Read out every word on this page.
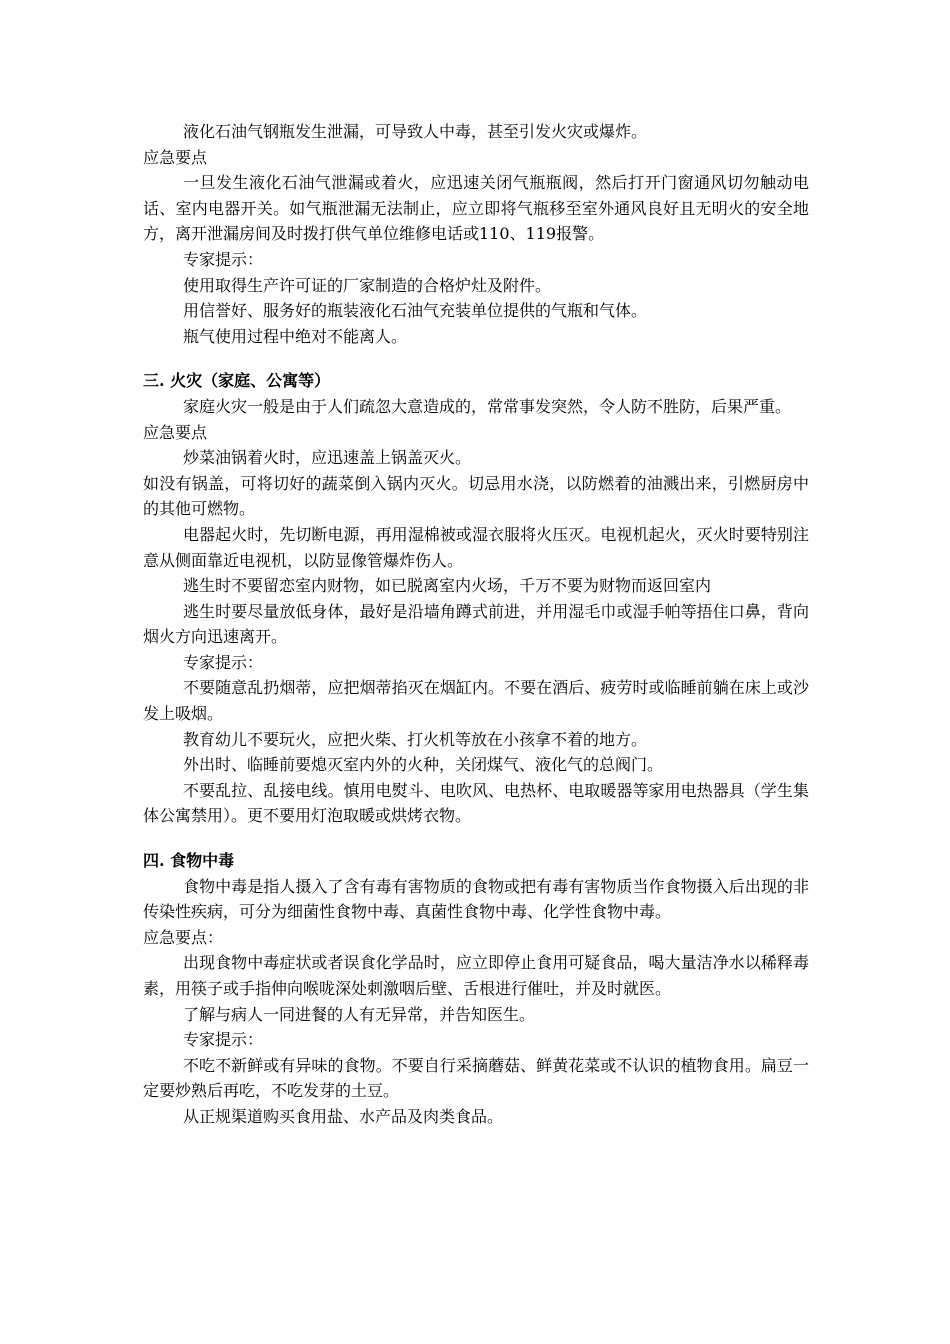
液化石油气钢瓶发生泄漏，可导致人中毒，甚至引发火灾或爆炸。

应急要点

一旦发生液化石油气泄漏或着火，应迅速关闭气瓶瓶阀，然后打开门窗通风切勿触动电话、室内电器开关。如气瓶泄漏无法制止，应立即将气瓶移至室外通风良好且无明火的安全地方，离开泄漏房间及时拨打供气单位维修电话或110、119报警。

专家提示：

使用取得生产许可证的厂家制造的合格炉灶及附件。

用信誉好、服务好的瓶装液化石油气充装单位提供的气瓶和气体。

瓶气使用过程中绝对不能离人。

三. 火灾（家庭、公寓等）

家庭火灾一般是由于人们疏忽大意造成的，常常事发突然，令人防不胜防，后果严重。

应急要点

炒菜油锅着火时，应迅速盖上锅盖灭火。

如没有锅盖，可将切好的蔬菜倒入锅内灭火。切忌用水浇，以防燃着的油溅出来，引燃厨房中的其他可燃物。

电器起火时，先切断电源，再用湿棉被或湿衣服将火压灭。电视机起火，灭火时要特别注意从侧面靠近电视机，以防显像管爆炸伤人。

逃生时不要留恋室内财物，如已脱离室内火场，千万不要为财物而返回室内

逃生时要尽量放低身体，最好是沿墙角蹲式前进，并用湿毛巾或湿手帕等捂住口鼻，背向烟火方向迅速离开。

专家提示：

不要随意乱扔烟蒂，应把烟蒂掐灭在烟缸内。不要在酒后、疲劳时或临睡前躺在床上或沙发上吸烟。

教育幼儿不要玩火，应把火柴、打火机等放在小孩拿不着的地方。

外出时、临睡前要熄灭室内外的火种，关闭煤气、液化气的总阀门。

不要乱拉、乱接电线。慎用电熨斗、电吹风、电热杯、电取暖器等家用电热器具（学生集体公寓禁用）。更不要用灯泡取暖或烘烤衣物。

四. 食物中毒

食物中毒是指人摄入了含有毒有害物质的食物或把有毒有害物质当作食物摄入后出现的非传染性疾病，可分为细菌性食物中毒、真菌性食物中毒、化学性食物中毒。

应急要点：

出现食物中毒症状或者误食化学品时，应立即停止食用可疑食品，喝大量洁净水以稀释毒素，用筷子或手指伸向喉咙深处刺激咽后壁、舌根进行催吐，并及时就医。

了解与病人一同进餐的人有无异常，并告知医生。

专家提示：

不吃不新鲜或有异味的食物。不要自行采摘蘑菇、鲜黄花菜或不认识的植物食用。扁豆一定要炒熟后再吃，不吃发芽的土豆。

从正规渠道购买食用盐、水产品及肉类食品。
